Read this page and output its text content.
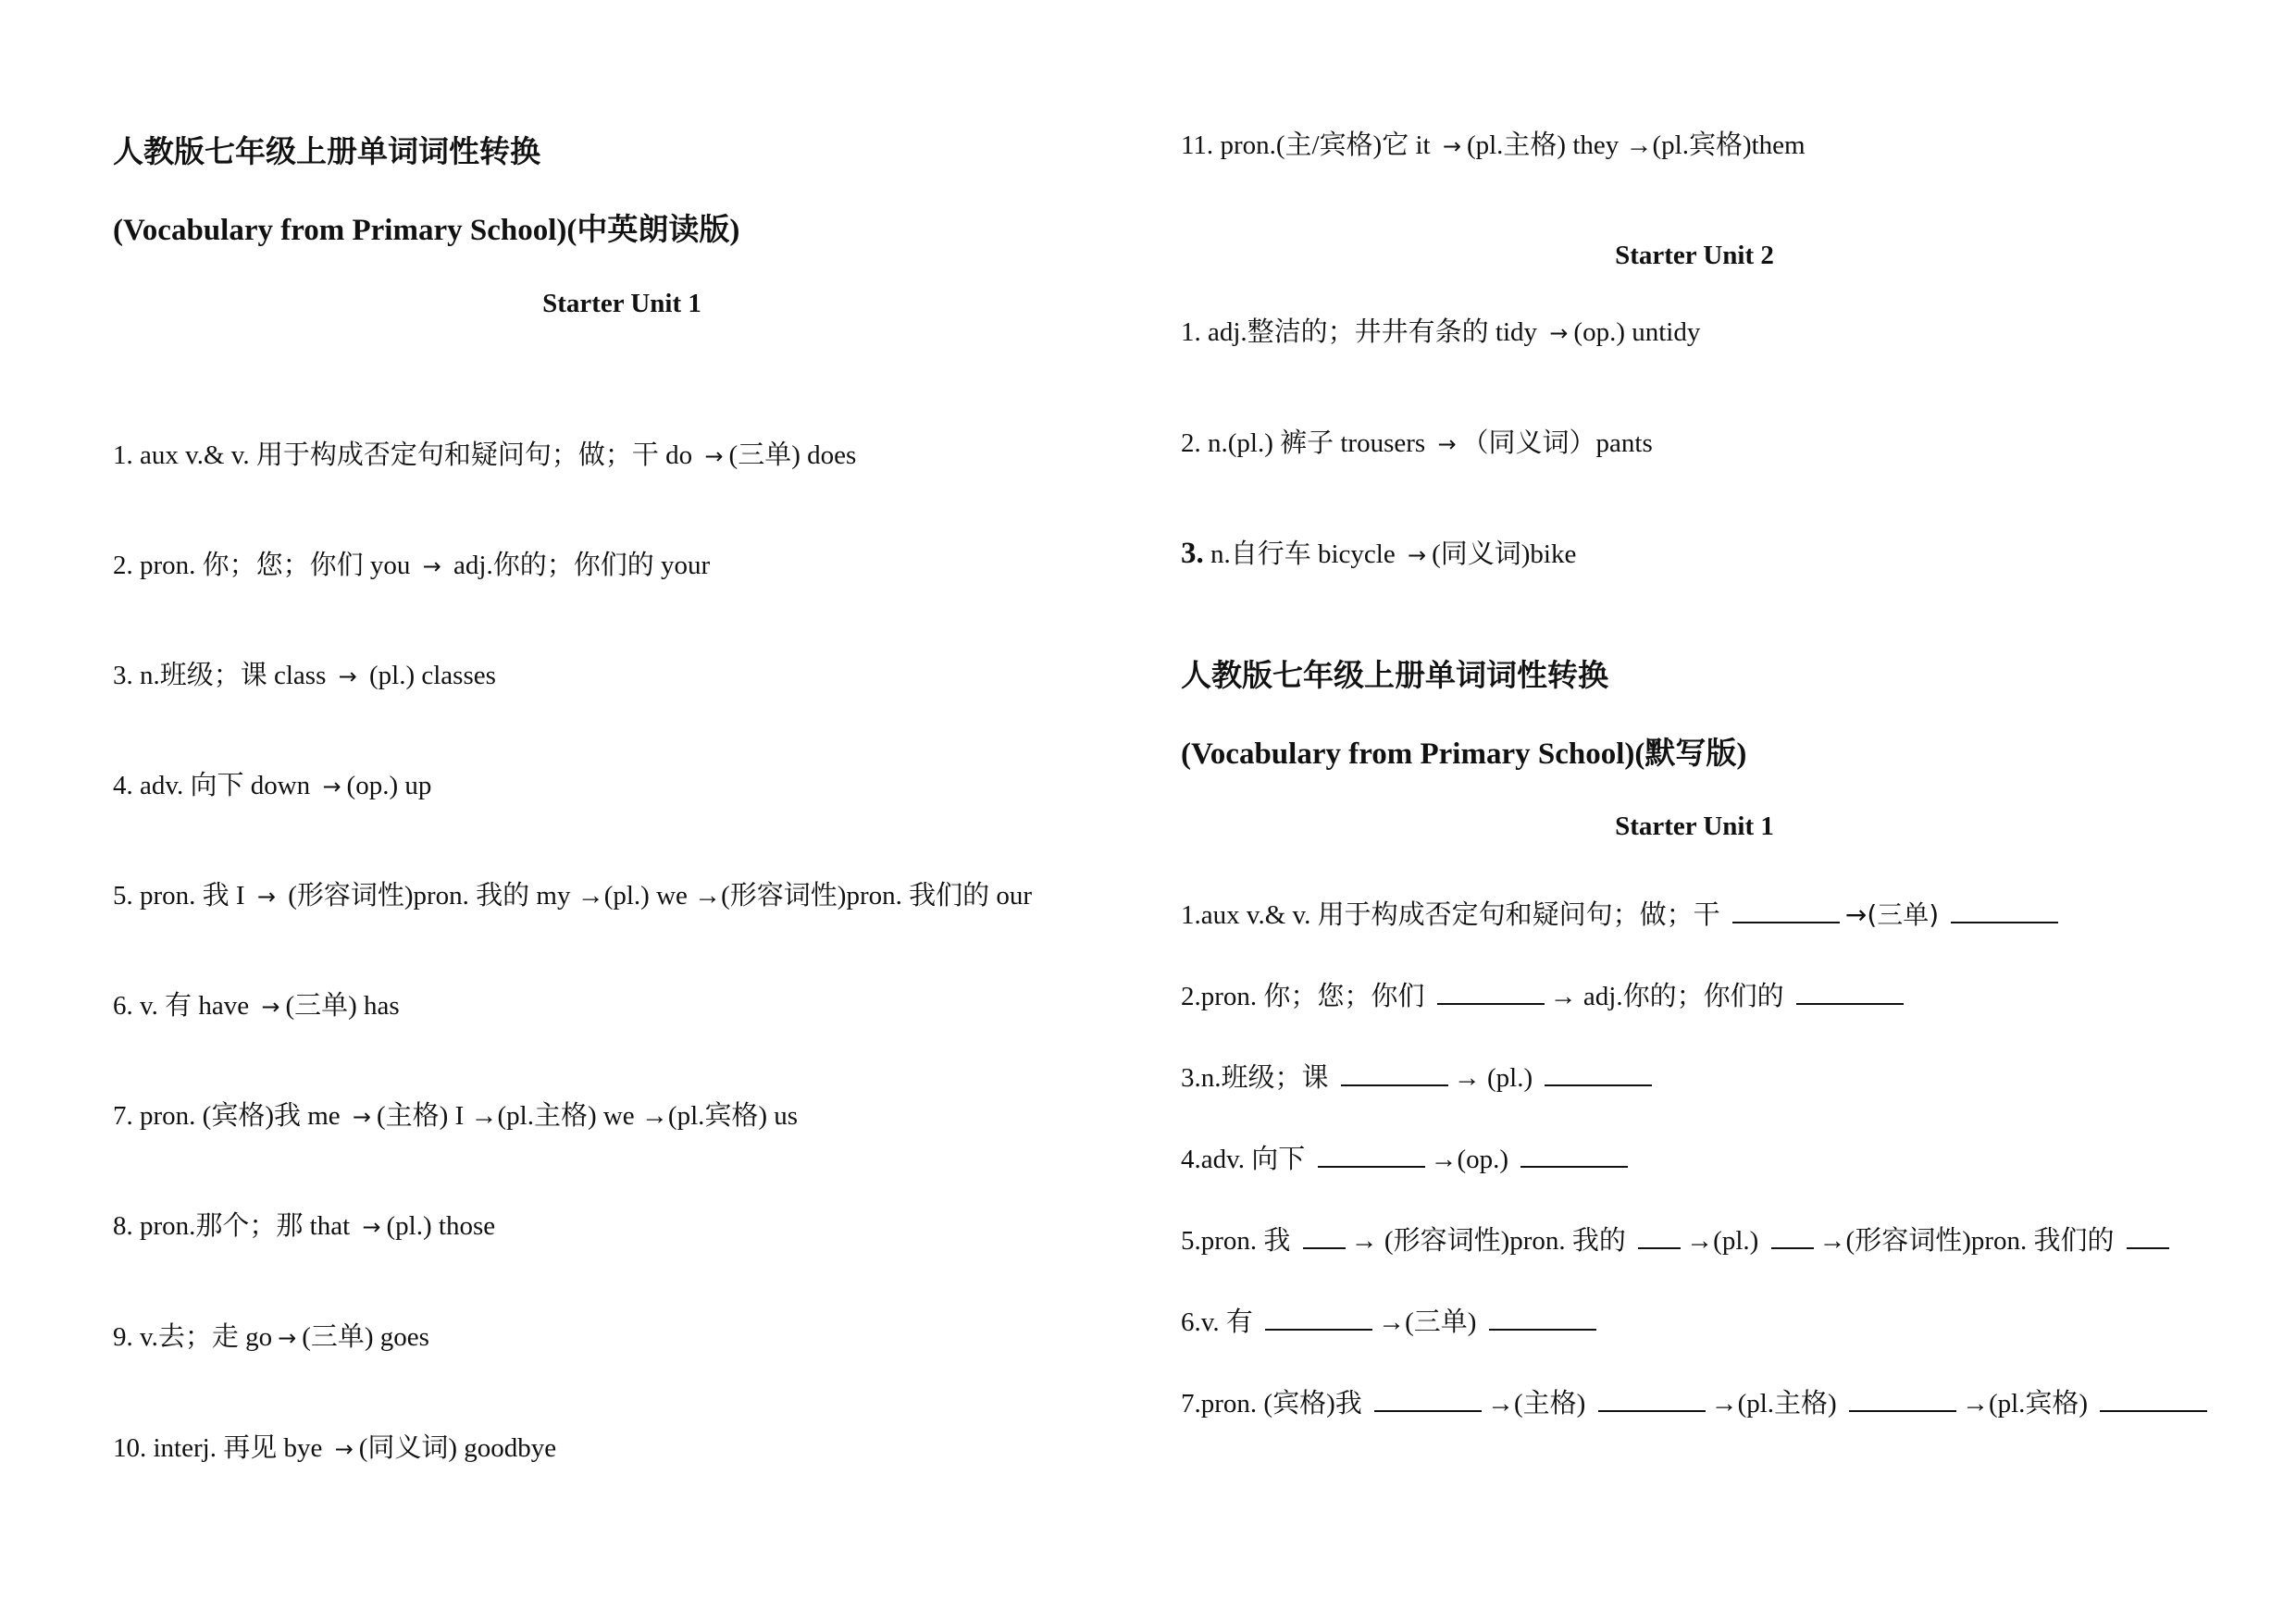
人教版七年级上册单词词性转换
(Vocabulary from Primary School)(中英朗读版)
Starter Unit 1
1. aux v.& v. 用于构成否定句和疑问句；做；干 do → (三单) does
2. pron. 你；您；你们 you → adj.你的；你们的 your
3. n.班级；课 class → (pl.) classes
4. adv. 向下 down → (op.) up
5. pron. 我 I → (形容词性)pron. 我的 my →(pl.) we →(形容词性)pron. 我们的 our
6. v. 有 have → (三单) has
7. pron. (宾格)我 me → (主格) I →(pl.主格) we →(pl.宾格) us
8. pron.那个；那 that → (pl.) those
9. v.去；走 go → (三单) goes
10. interj. 再见 bye → (同义词) goodbye
11. pron.(主/宾格)它 it → (pl.主格) they →(pl.宾格)them
Starter Unit 2
1. adj.整洁的；井井有条的 tidy → (op.) untidy
2. n.(pl.) 裤子 trousers → （同义词）pants
3. n.自行车 bicycle → (同义词)bike
人教版七年级上册单词词性转换
(Vocabulary from Primary School)(默写版)
Starter Unit 1
1.aux v.& v. 用于构成否定句和疑问句；做；干	→(三单)
2.pron. 你；您；你们	→ adj.你的；你们的
3.n.班级；课	→ (pl.)
4.adv. 向下	→(op.)
5.pron. 我 → (形容词性)pron. 我的 →(pl.) →(形容词性)pron. 我们的
6.v. 有	→(三单)
7.pron. (宾格)我	→(主格)	→(pl.主格)	→(pl.宾格)
